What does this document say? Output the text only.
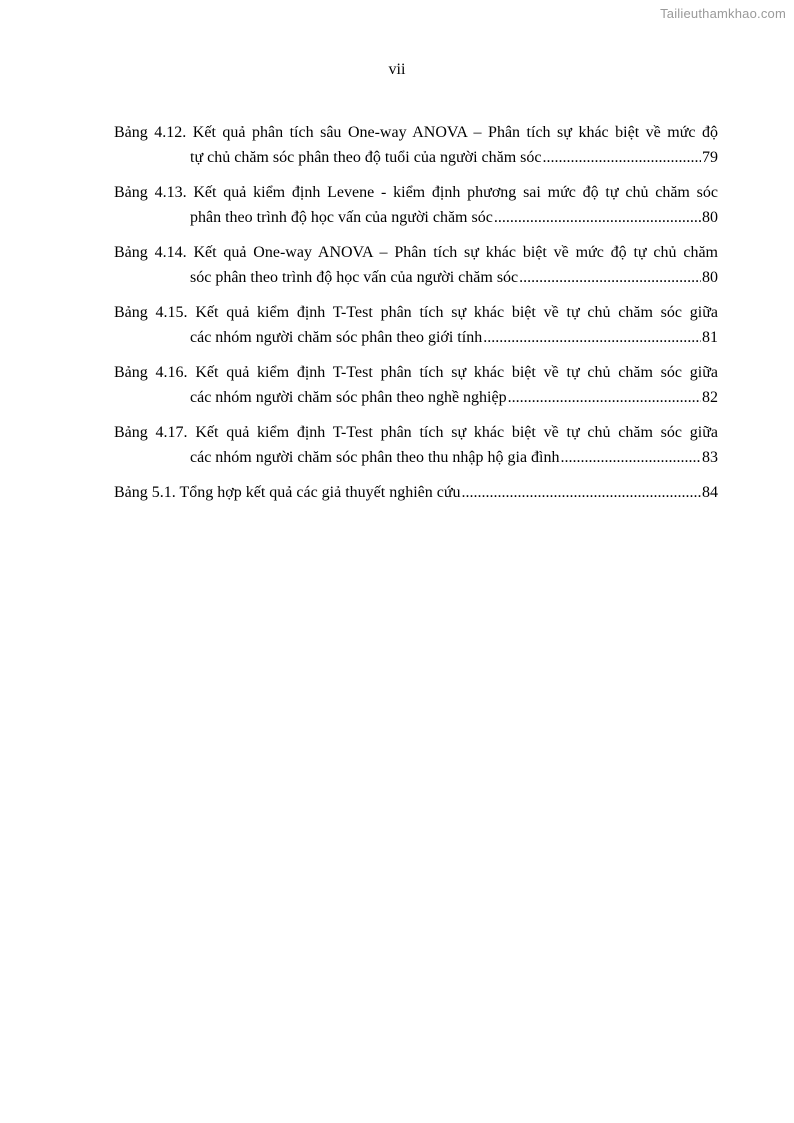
Tailieuthamkhao.com
vii
Bảng 4.12. Kết quả phân tích sâu One-way ANOVA – Phân tích sự khác biệt về mức độ
tự chủ chăm sóc phân theo độ tuổi của người chăm sóc .....	79
Bảng 4.13. Kết quả kiểm định Levene - kiểm định phương sai mức độ tự chủ chăm sóc
phân theo trình độ học vấn của người chăm sóc .....	80
Bảng 4.14. Kết quả One-way ANOVA – Phân tích sự khác biệt về mức độ tự chủ chăm
sóc phân theo trình độ học vấn của người chăm sóc .....	80
Bảng 4.15. Kết quả kiểm định T-Test phân tích sự khác biệt về tự chủ chăm sóc giữa
các nhóm người chăm sóc phân theo giới tính .....	81
Bảng 4.16. Kết quả kiểm định T-Test phân tích sự khác biệt về tự chủ chăm sóc giữa
các nhóm người chăm sóc phân theo nghề nghiệp .....	82
Bảng 4.17. Kết quả kiểm định T-Test phân tích sự khác biệt về tự chủ chăm sóc giữa
các nhóm người chăm sóc phân theo thu nhập hộ gia đình .....	83
Bảng 5.1. Tổng hợp kết quả các giả thuyết nghiên cứu .....	84
